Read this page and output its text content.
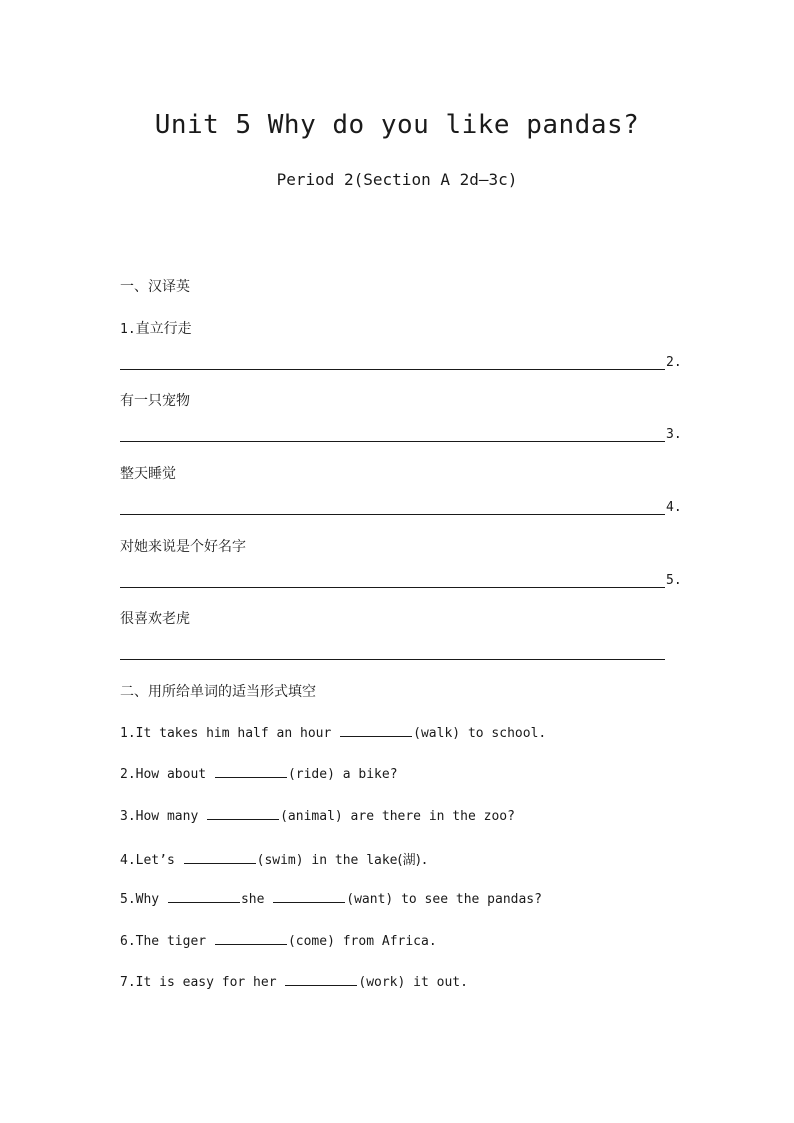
Unit 5 Why do you like pandas?
Period 2(Section A 2d—3c)
一、汉译英
1.直立行走
2.
有一只宠物
3.
整天睡觉
4.
对她来说是个好名字
5.
很喜欢老虎
二、用所给单词的适当形式填空
1.It takes him half an hour	(walk) to school.
2.How about	(ride) a bike?
3.How many	(animal) are there in the zoo?
4.Let’s	(swim) in the lake(湖).
5.Why	she	(want) to see the pandas?
6.The tiger	(come) from Africa.
7.It is easy for her	(work) it out.
